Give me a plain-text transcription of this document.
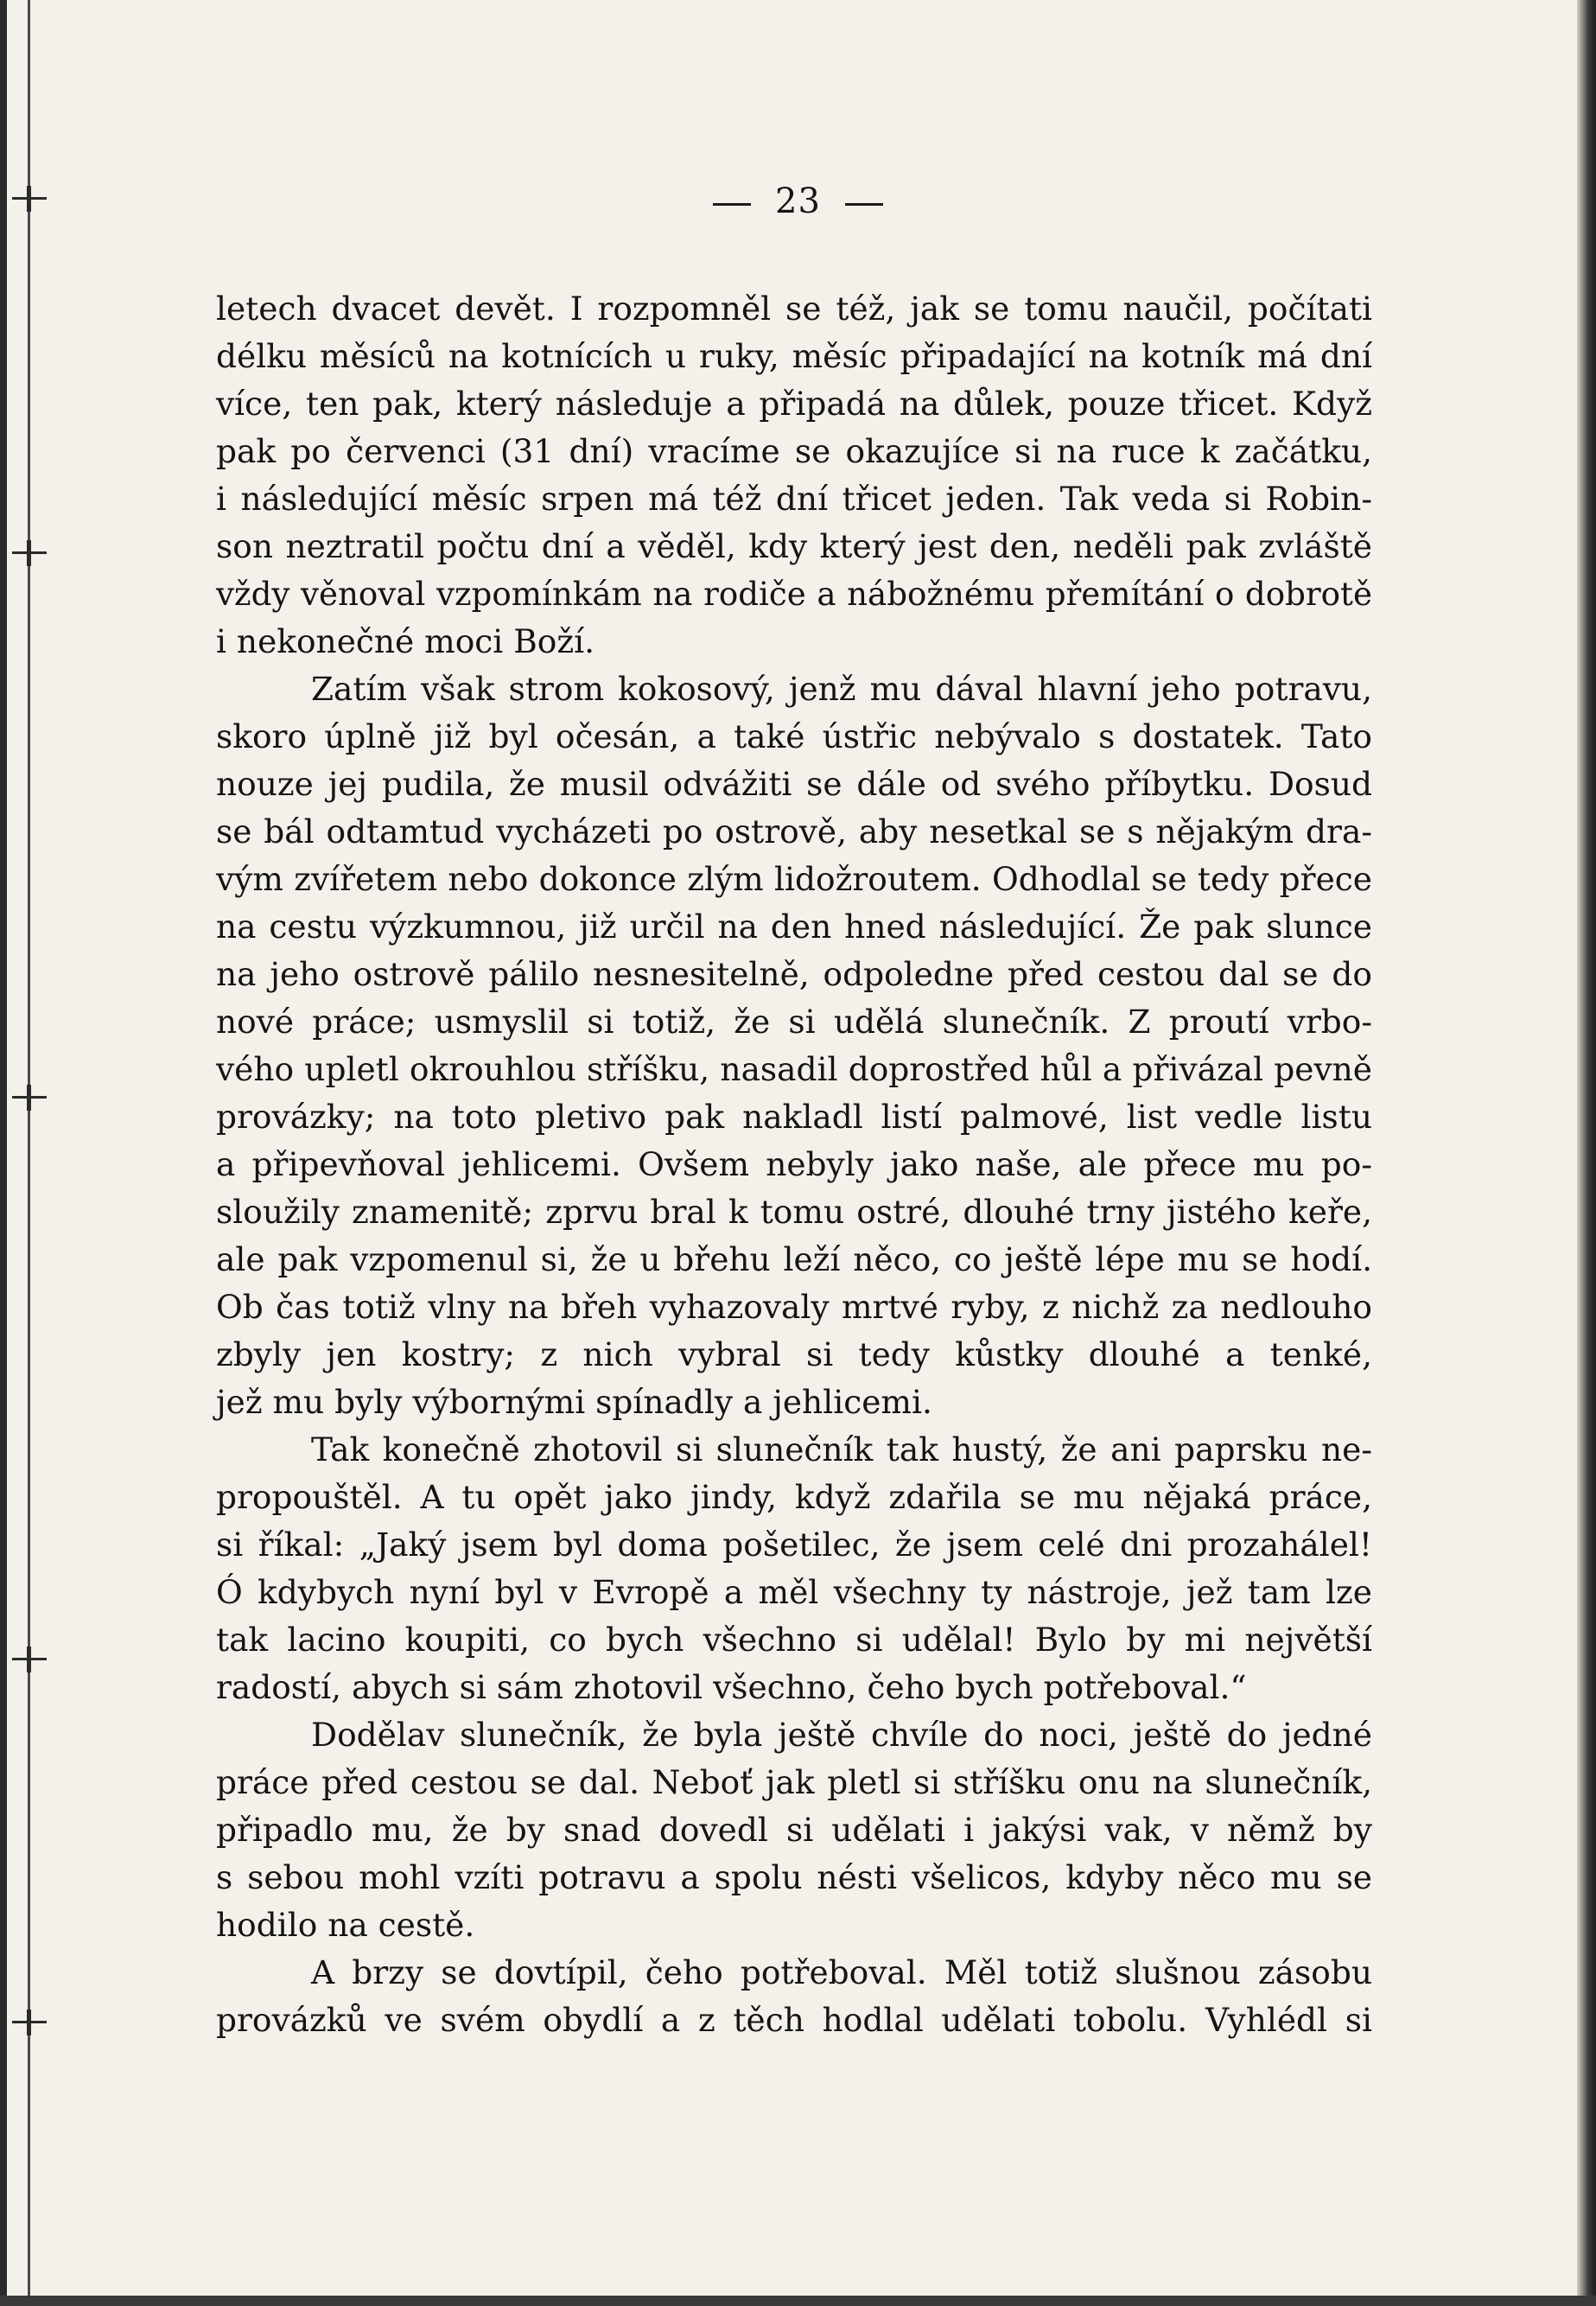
23
letech dvacet devět. I rozpomněl se též, jak se tomu naučil, počítati
délku měsíců na kotnících u ruky, měsíc připadající na kotník má dní
více, ten pak, který následuje a připadá na důlek, pouze třicet. Když
pak po červenci (31 dní) vracíme se okazujíce si na ruce k začátku,
i následující měsíc srpen má též dní třicet jeden. Tak veda si Robin-
son neztratil počtu dní a věděl, kdy který jest den, neděli pak zvláště
vždy věnoval vzpomínkám na rodiče a nábožnému přemítání o dobrotě
i nekonečné moci Boží.
Zatím však strom kokosový, jenž mu dával hlavní jeho potravu,
skoro úplně již byl očesán, a také ústřic nebývalo s dostatek. Tato
nouze jej pudila, že musil odvážiti se dále od svého příbytku. Dosud
se bál odtamtud vycházeti po ostrově, aby nesetkal se s nějakým dra-
vým zvířetem nebo dokonce zlým lidožroutem. Odhodlal se tedy přece
na cestu výzkumnou, již určil na den hned následující. Že pak slunce
na jeho ostrově pálilo nesnesitelně, odpoledne před cestou dal se do
nové práce; usmyslil si totiž, že si udělá slunečník. Z proutí vrbo-
vého upletl okrouhlou stříšku, nasadil doprostřed hůl a přivázal pevně
provázky; na toto pletivo pak nakladl listí palmové, list vedle listu
a připevňoval jehlicemi. Ovšem nebyly jako naše, ale přece mu po-
sloužily znamenitě; zprvu bral k tomu ostré, dlouhé trny jistého keře,
ale pak vzpomenul si, že u břehu leží něco, co ještě lépe mu se hodí.
Ob čas totiž vlny na břeh vyhazovaly mrtvé ryby, z nichž za nedlouho
zbyly jen kostry; z nich vybral si tedy kůstky dlouhé a tenké,
jež mu byly výbornými spínadly a jehlicemi.
Tak konečně zhotovil si slunečník tak hustý, že ani paprsku ne-
propouštěl. A tu opět jako jindy, když zdařila se mu nějaká práce,
si říkal: „Jaký jsem byl doma pošetilec, že jsem celé dni prozahálel!
Ó kdybych nyní byl v Evropě a měl všechny ty nástroje, jež tam lze
tak lacino koupiti, co bych všechno si udělal! Bylo by mi největší
radostí, abych si sám zhotovil všechno, čeho bych potřeboval.“
Dodělav slunečník, že byla ještě chvíle do noci, ještě do jedné
práce před cestou se dal. Neboť jak pletl si stříšku onu na slunečník,
připadlo mu, že by snad dovedl si udělati i jakýsi vak, v němž by
s sebou mohl vzíti potravu a spolu nésti všelicos, kdyby něco mu se
hodilo na cestě.
A brzy se dovtípil, čeho potřeboval. Měl totiž slušnou zásobu
provázků ve svém obydlí a z těch hodlal udělati tobolu. Vyhlédl si
